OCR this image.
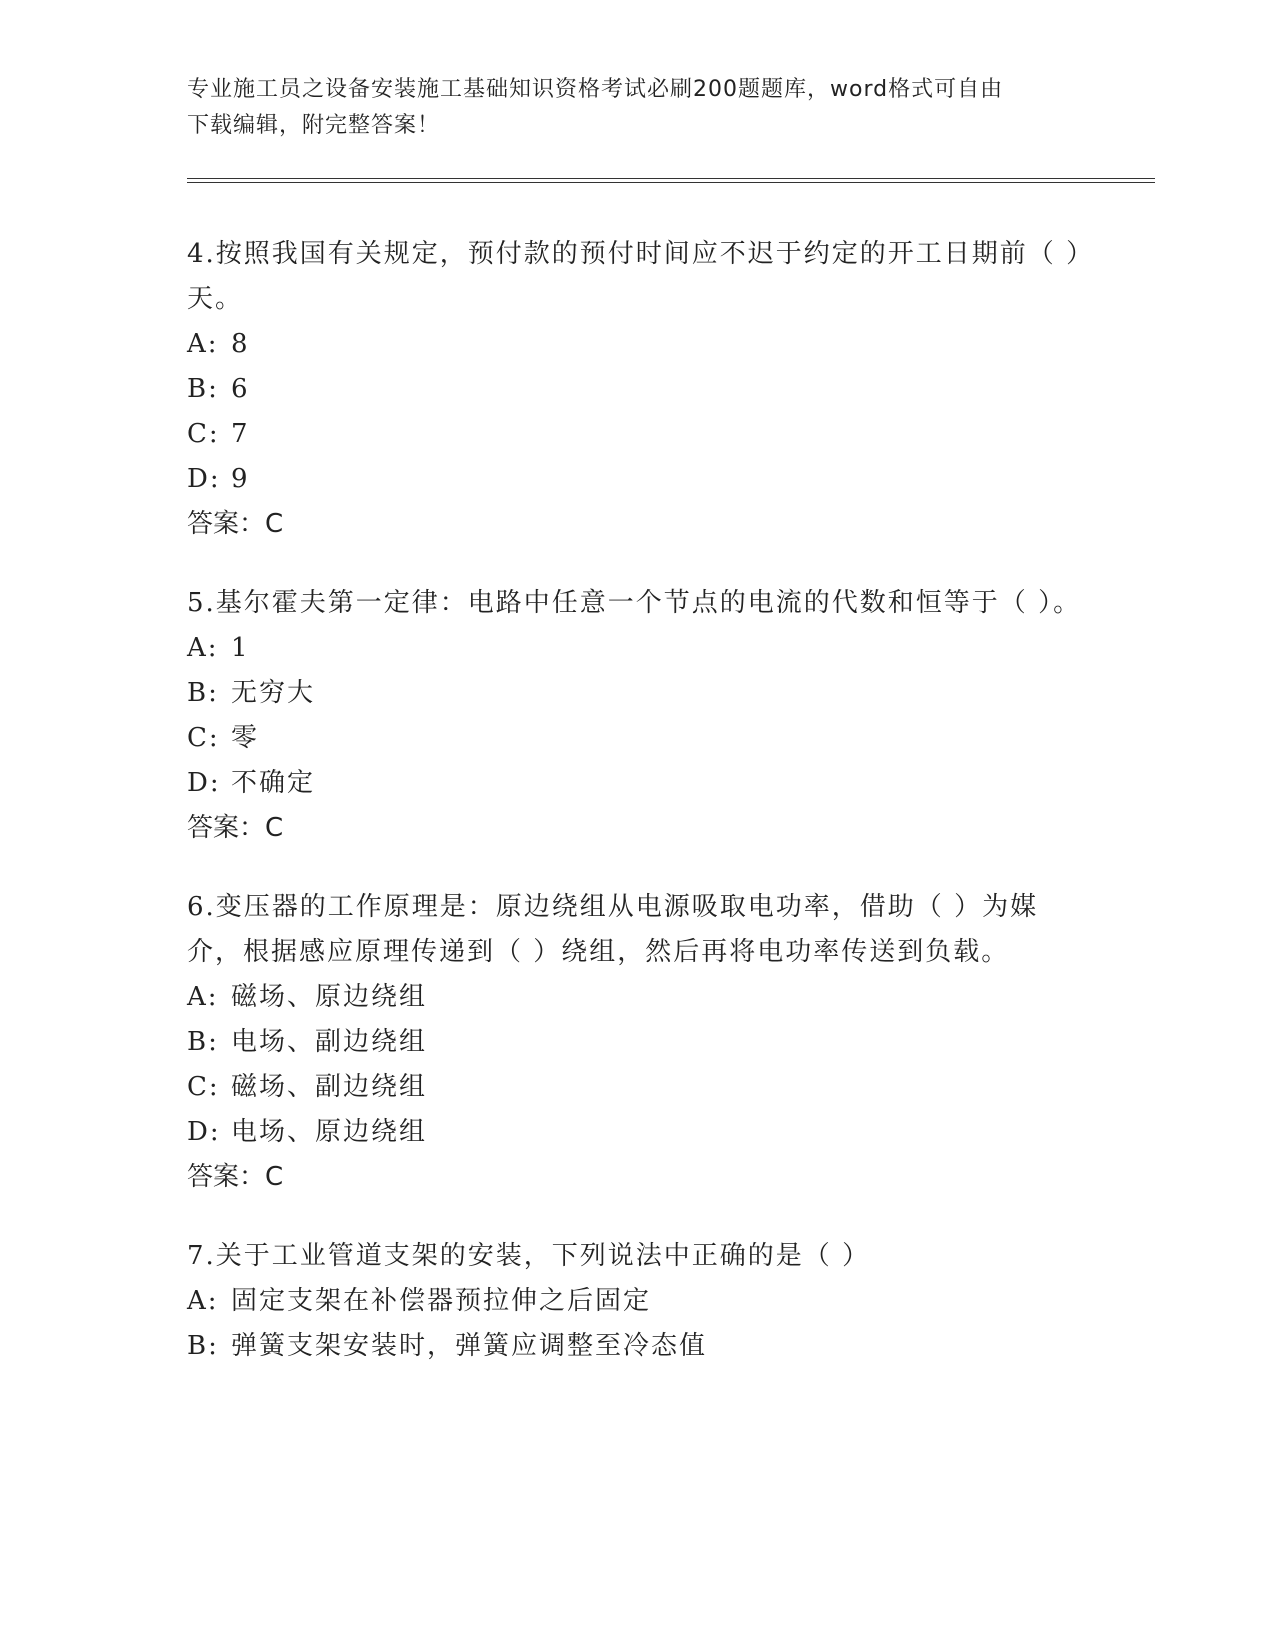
专业施工员之设备安装施工基础知识资格考试必刷200题题库，word格式可自由
下载编辑，附完整答案！

4.按照我国有关规定，预付款的预付时间应不迟于约定的开工日期前（ ）天。

A: 8

B: 6

C: 7

D: 9

答案：C

5.基尔霍夫第一定律：电路中任意一个节点的电流的代数和恒等于（ ）。

A: 1

B: 无穷大

C: 零

D: 不确定

答案：C

6.变压器的工作原理是：原边绕组从电源吸取电功率，借助（ ）为媒介，根据感应原理传递到（ ）绕组，然后再将电功率传送到负载。

A: 磁场、原边绕组

B: 电场、副边绕组

C: 磁场、副边绕组

D: 电场、原边绕组

答案：C

7.关于工业管道支架的安装，下列说法中正确的是（ ）

A: 固定支架在补偿器预拉伸之后固定

B: 弹簧支架安装时，弹簧应调整至冷态值
